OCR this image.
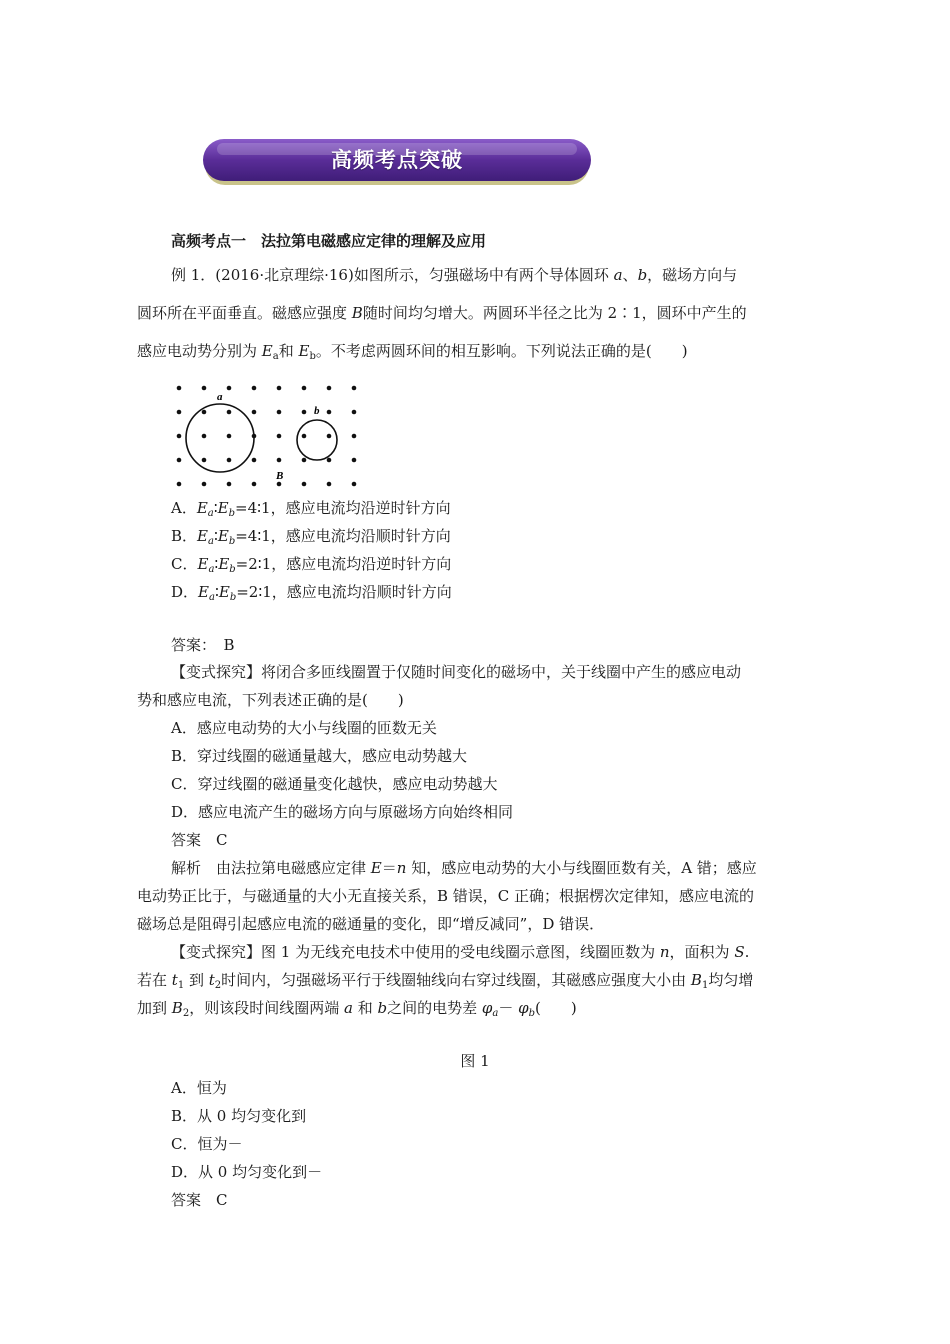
高频考点突破
高频考点一　法拉第电磁感应定律的理解及应用
例 1．(2016·北京理综·16)如图所示，匀强磁场中有两个导体圆环 a、b，磁场方向与
圆环所在平面垂直。磁感应强度 B随时间均匀增大。两圆环半径之比为 2∶1，圆环中产生的
感应电动势分别为 $E_a$和 $E_b$。不考虑两圆环间的相互影响。下列说法正确的是(　　)
a
b
B
A．$E_a∶E_b=4∶1$，感应电流均沿逆时针方向
B．$E_a∶E_b=4∶1$，感应电流均沿顺时针方向
C．$E_a∶E_b=2∶1$，感应电流均沿逆时针方向
D．$E_a∶E_b=2∶1$，感应电流均沿顺时针方向
答案：　B
【变式探究】将闭合多匝线圈置于仅随时间变化的磁场中，关于线圈中产生的感应电动
势和感应电流，下列表述正确的是(　　)
A．感应电动势的大小与线圈的匝数无关
B．穿过线圈的磁通量越大，感应电动势越大
C．穿过线圈的磁通量变化越快，感应电动势越大
D．感应电流产生的磁场方向与原磁场方向始终相同
答案　C
解析　由法拉第电磁感应定律 E＝n 知，感应电动势的大小与线圈匝数有关，A 错；感应
电动势正比于，与磁通量的大小无直接关系，B 错误，C 正确；根据楞次定律知，感应电流的
磁场总是阻碍引起感应电流的磁通量的变化，即“增反减同”，D 错误．
【变式探究】图 1 为无线充电技术中使用的受电线圈示意图，线圈匝数为 n，面积为 S.
若在 $t_1$ 到 $t_2$时间内，匀强磁场平行于线圈轴线向右穿过线圈，其磁感应强度大小由 $B_1$均匀增
加到 $B_2$，则该段时间线圈两端 a 和 b之间的电势差 $\varphi_a- \varphi_b$(　　)
图 1
A．恒为
B．从 0 均匀变化到
C．恒为－
D．从 0 均匀变化到－
答案　C
